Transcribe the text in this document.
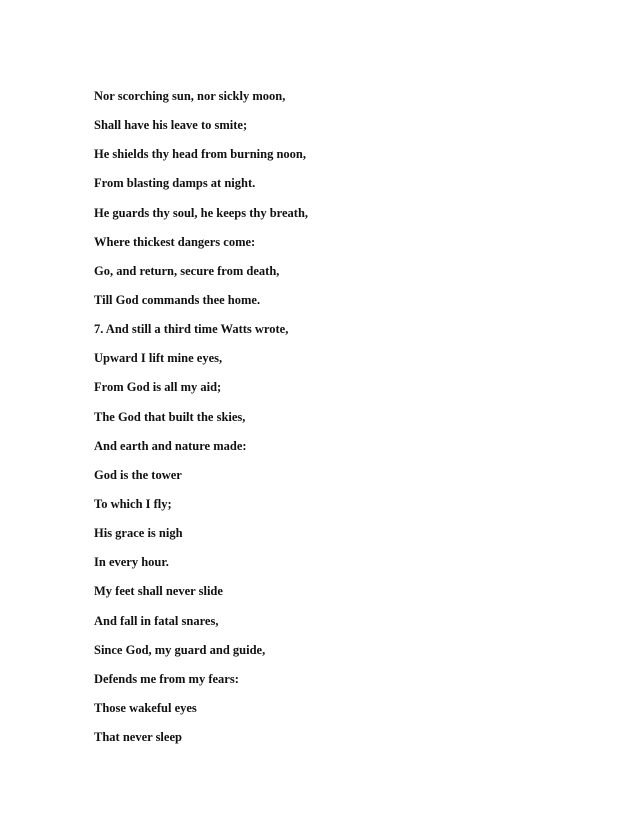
Nor scorching sun, nor sickly moon,
Shall have his leave to smite;
He shields thy head from burning noon,
From blasting damps at night.
He guards thy soul, he keeps thy breath,
Where thickest dangers come:
Go, and return, secure from death,
Till God commands thee home.
7. And still a third time Watts wrote,
Upward I lift mine eyes,
From God is all my aid;
The God that built the skies,
And earth and nature made:
God is the tower
To which I fly;
His grace is nigh
In every hour.
My feet shall never slide
And fall in fatal snares,
Since God, my guard and guide,
Defends me from my fears:
Those wakeful eyes
That never sleep
